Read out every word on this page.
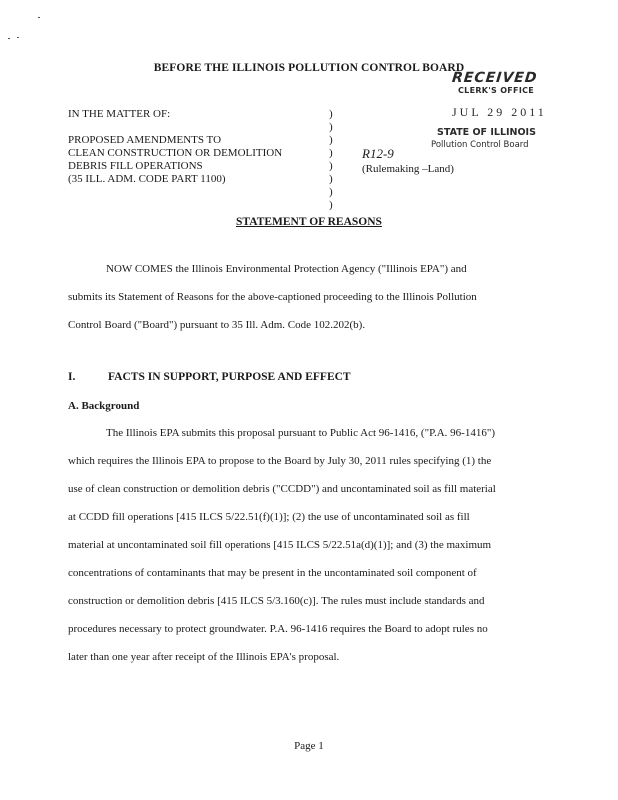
BEFORE THE ILLINOIS POLLUTION CONTROL BOARD
RECEIVED
CLERK'S OFFICE
JUL 29 2011
STATE OF ILLINOIS
Pollution Control Board
IN THE MATTER OF:
PROPOSED AMENDMENTS TO
CLEAN CONSTRUCTION OR DEMOLITION
DEBRIS FILL OPERATIONS
(35 ILL. ADM. CODE PART 1100)
)
)
)
)
)
)
)
)
R12-9
(Rulemaking –Land)
STATEMENT OF REASONS
NOW COMES the Illinois Environmental Protection Agency ("Illinois EPA") and
submits its Statement of Reasons for the above-captioned proceeding to the Illinois Pollution
Control Board ("Board") pursuant to 35 Ill. Adm. Code 102.202(b).
I.	FACTS IN SUPPORT, PURPOSE AND EFFECT
A. Background
The Illinois EPA submits this proposal pursuant to Public Act 96-1416, ("P.A. 96-1416")
which requires the Illinois EPA to propose to the Board by July 30, 2011 rules specifying (1) the
use of clean construction or demolition debris ("CCDD") and uncontaminated soil as fill material
at CCDD fill operations [415 ILCS 5/22.51(f)(1)]; (2) the use of uncontaminated soil as fill
material at uncontaminated soil fill operations [415 ILCS 5/22.51a(d)(1)]; and (3) the maximum
concentrations of contaminants that may be present in the uncontaminated soil component of
construction or demolition debris [415 ILCS 5/3.160(c)]. The rules must include standards and
procedures necessary to protect groundwater. P.A. 96-1416 requires the Board to adopt rules no
later than one year after receipt of the Illinois EPA's proposal.
Page 1
